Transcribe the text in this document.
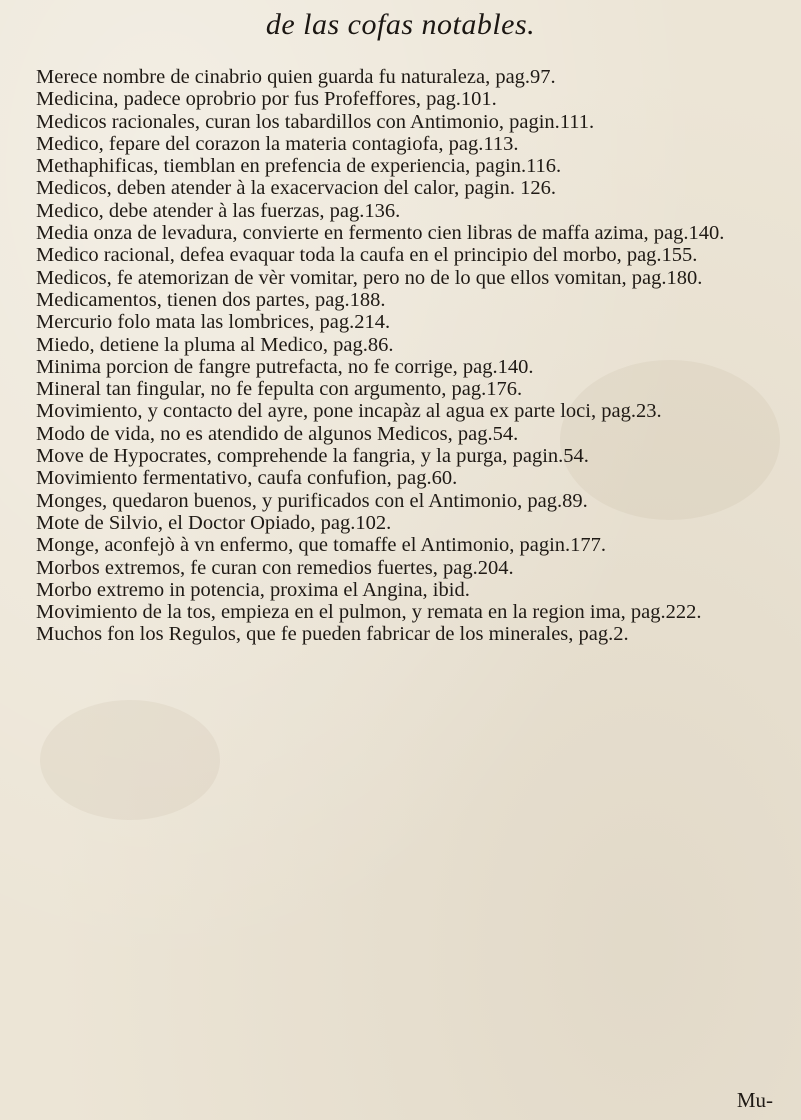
de las cofas notables.
Merece nombre de cinabrio quien guarda fu naturaleza, pag.97.
Medicina, padece oprobrio por fus Profeffores, pag.101.
Medicos racionales, curan los tabardillos con Antimonio, pagin.111.
Medico, fepare del corazon la materia contagiofa, pag.113.
Methaphificas, tiemblan en prefencia de experiencia, pagin.116.
Medicos, deben atender à la exacervacion del calor, pagin. 126.
Medico, debe atender à las fuerzas, pag.136.
Media onza de levadura, convierte en fermento cien libras de maffa azima, pag.140.
Medico racional, defea evaquar toda la caufa en el principio del morbo, pag.155.
Medicos, fe atemorizan de vèr vomitar, pero no de lo que ellos vomitan, pag.180.
Medicamentos, tienen dos partes, pag.188.
Mercurio folo mata las lombrices, pag.214.
Miedo, detiene la pluma al Medico, pag.86.
Minima porcion de fangre putrefacta, no fe corrige, pag.140.
Mineral tan fingular, no fe fepulta con argumento, pag.176.
Movimiento, y contacto del ayre, pone incapàz al agua ex parte loci, pag.23.
Modo de vida, no es atendido de algunos Medicos, pag.54.
Move de Hypocrates, comprehende la fangria, y la purga, pagin.54.
Movimiento fermentativo, caufa confufion, pag.60.
Monges, quedaron buenos, y purificados con el Antimonio, pag.89.
Mote de Silvio, el Doctor Opiado, pag.102.
Monge, aconfejò à vn enfermo, que tomaffe el Antimonio, pagin.177.
Morbos extremos, fe curan con remedios fuertes, pag.204.
Morbo extremo in potencia, proxima el Angina, ibid.
Movimiento de la tos, empieza en el pulmon, y remata en la region ima, pag.222.
Muchos fon los Regulos, que fe pueden fabricar de los minerales, pag.2.
Mu-
